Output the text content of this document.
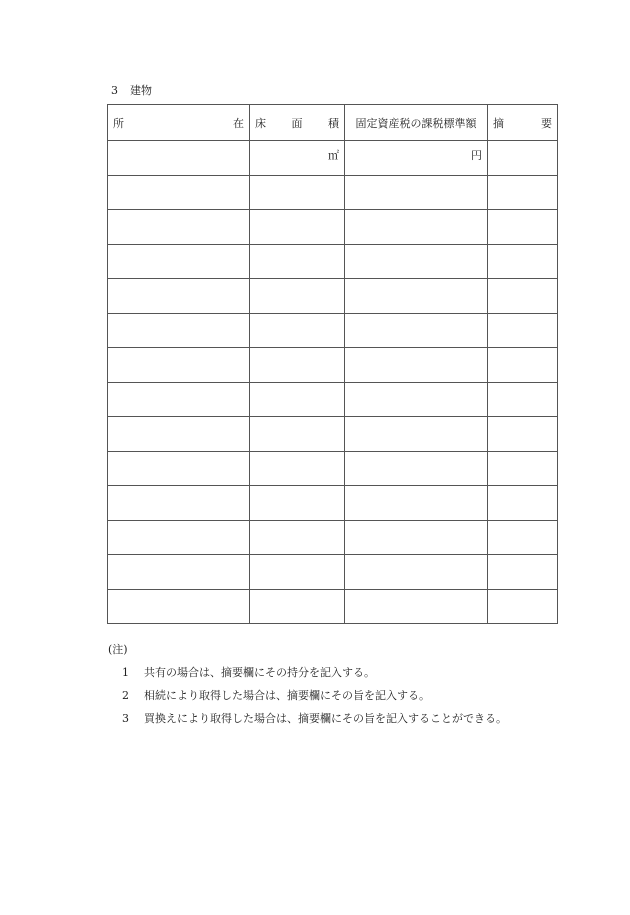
3 建物
所 在	床 面 積	固定資産税の課税標準額	摘 要

	㎡	円	

(注)
1 共有の場合は、摘要欄にその持分を記入する。
2 相続により取得した場合は、摘要欄にその旨を記入する。
3 買換えにより取得した場合は、摘要欄にその旨を記入することができる。
